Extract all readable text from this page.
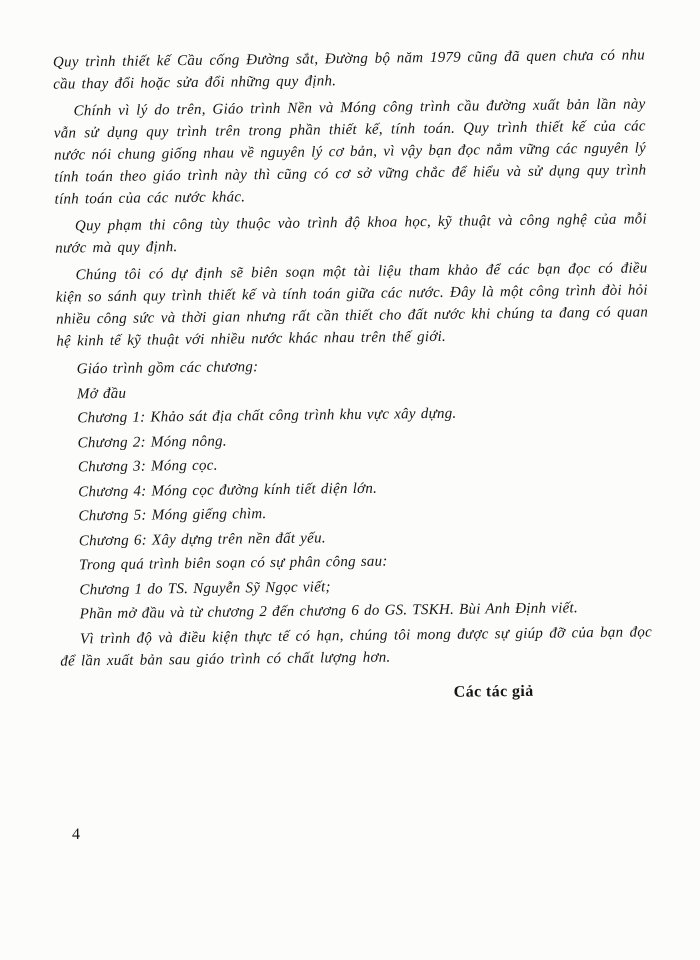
Quy trình thiết kế Cầu cống Đường sắt, Đường bộ năm 1979 cũng đã quen chưa có nhu cầu thay đổi hoặc sửa đổi những quy định.

Chính vì lý do trên, Giáo trình Nền và Móng công trình cầu đường xuất bản lần này vẫn sử dụng quy trình trên trong phần thiết kế, tính toán. Quy trình thiết kế của các nước nói chung giống nhau về nguyên lý cơ bản, vì vậy bạn đọc nắm vững các nguyên lý tính toán theo giáo trình này thì cũng có cơ sở vững chắc để hiểu và sử dụng quy trình tính toán của các nước khác.

Quy phạm thi công tùy thuộc vào trình độ khoa học, kỹ thuật và công nghệ của mỗi nước mà quy định.

Chúng tôi có dự định sẽ biên soạn một tài liệu tham khảo để các bạn đọc có điều kiện so sánh quy trình thiết kế và tính toán giữa các nước. Đây là một công trình đòi hỏi nhiều công sức và thời gian nhưng rất cần thiết cho đất nước khi chúng ta đang có quan hệ kinh tế kỹ thuật với nhiều nước khác nhau trên thế giới.

Giáo trình gồm các chương:

Mở đầu

Chương 1: Khảo sát địa chất công trình khu vực xây dựng.

Chương 2: Móng nông.

Chương 3: Móng cọc.

Chương 4: Móng cọc đường kính tiết diện lớn.

Chương 5: Móng giếng chìm.

Chương 6: Xây dựng trên nền đất yếu.

Trong quá trình biên soạn có sự phân công sau:

Chương 1 do TS. Nguyễn Sỹ Ngọc viết;

Phần mở đầu và từ chương 2 đến chương 6 do GS. TSKH. Bùi Anh Định viết.

Vì trình độ và điều kiện thực tế có hạn, chúng tôi mong được sự giúp đỡ của bạn đọc để lần xuất bản sau giáo trình có chất lượng hơn.

Các tác giả
4
